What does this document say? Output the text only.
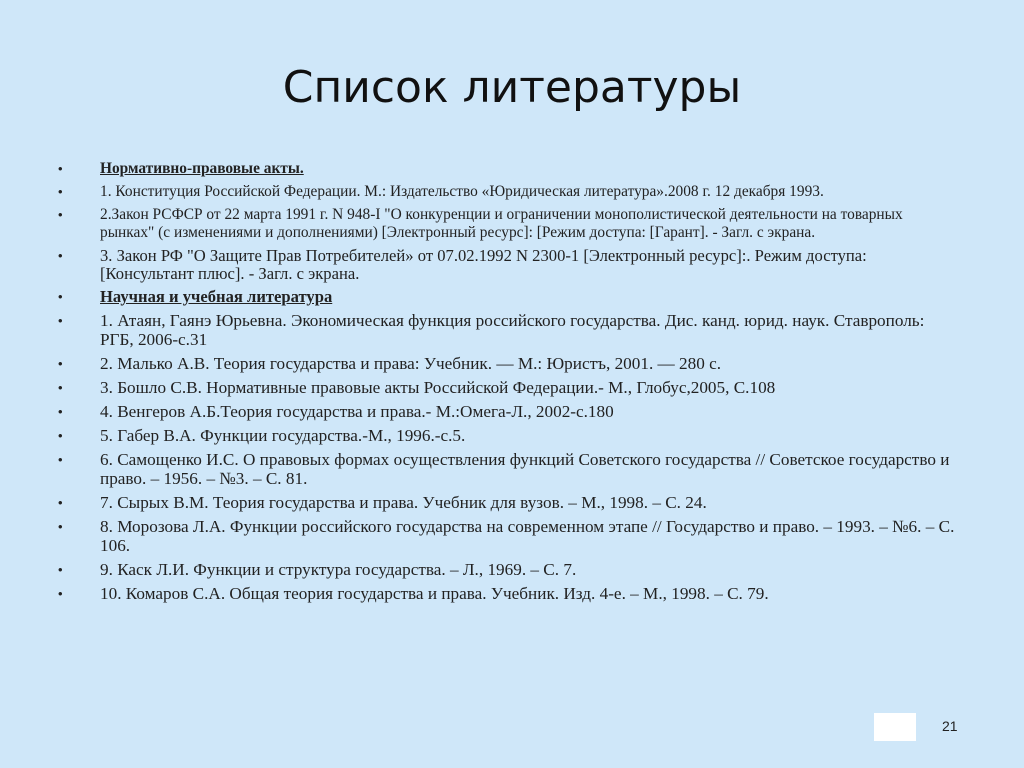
Список литературы
•	Нормативно-правовые акты.
•	1. Конституция Российской Федерации. М.: Издательство «Юридическая литература».2008 г. 12 декабря 1993.
•	2.Закон РСФСР от 22 марта 1991 г. N 948-I "О конкуренции и ограничении монополистической деятельности на товарных рынках" (с изменениями и дополнениями) [Электронный ресурс]: [Режим доступа: [Гарант]. - Загл. с экрана.
•	3. Закон РФ "О Защите Прав Потребителей» от 07.02.1992 N 2300-1 [Электронный ресурс]:. Режим доступа: [Консультант плюс]. - Загл. с экрана.
•	Научная и учебная литература
•	1. Атаян, Гаянэ Юрьевна. Экономическая функция российского государства. Дис. канд. юрид. наук. Ставрополь: РГБ, 2006-с.31
•	2. Малько А.В. Теория государства и права: Учебник. — М.: Юристъ, 2001. — 280 с.
•	3. Бошло С.В. Нормативные правовые акты Российской Федерации.- М., Глобус,2005, С.108
•	4. Венгеров А.Б.Теория государства и права.- М.:Омега-Л., 2002-с.180
•	5. Габер В.А. Функции государства.-М., 1996.-с.5.
•	6. Самощенко И.С. О правовых формах осуществления функций Советского государства // Советское государство и право. – 1956. – №3. – С. 81.
•	7. Сырых В.М. Теория государства и права. Учебник для вузов. – М., 1998. – С. 24.
•	8. Морозова Л.А. Функции российского государства на современном этапе // Государство и право. – 1993. – №6. – С. 106.
•	9. Каск Л.И. Функции и структура государства. – Л., 1969. – С. 7.
•	10. Комаров С.А. Общая теория государства и права. Учебник. Изд. 4-е. – М., 1998. – С. 79.
21
